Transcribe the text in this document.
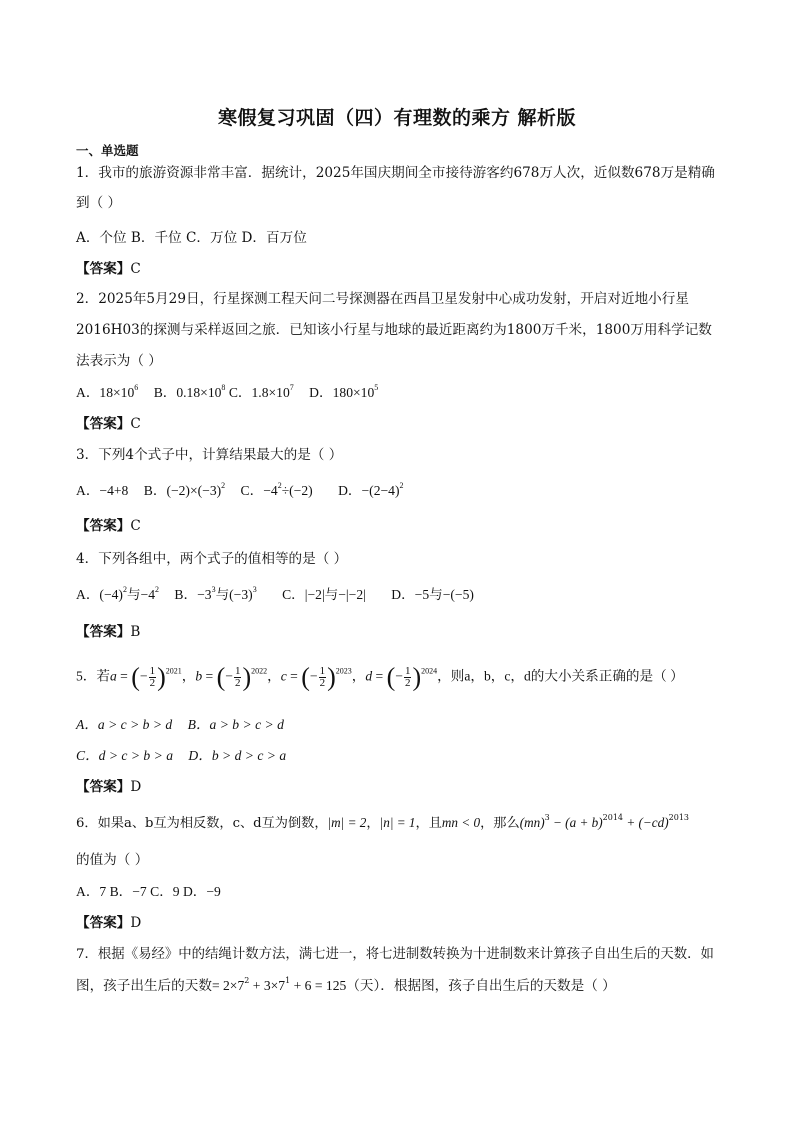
寒假复习巩固（四）有理数的乘方 解析版
一、单选题
1．我市的旅游资源非常丰富．据统计，2025年国庆期间全市接待游客约678万人次，近似数678万是精确
到（ ）
A．个位 B．千位 C．万位 D．百万位
【答案】C
2．2025年5月29日，行星探测工程天问二号探测器在西昌卫星发射中心成功发射，开启对近地小行星
2016H03的探测与采样返回之旅．已知该小行星与地球的最近距离约为1800万千米，1800万用科学记数
法表示为（ ）
A．$18\times 10^6$ B．$0.18\times 10^8$ C．$1.8\times 10^7$ D．$180\times 10^5$
【答案】C
3．下列4个式子中，计算结果最大的是（ ）
A．−4+8 B．$(-2)\times(-3)^2$ C．$-4^2\div(-2)$ D．$-(2-4)^2$
【答案】C
4．下列各组中，两个式子的值相等的是（ ）
A．$(-4)^2$与$-4^2$ B．$-3^3$与$(-3)^3$ C．|−2|与−|−2| D．−5与−(−5)
【答案】B
5．若a = (− $\frac{1}{2} )^{2021}$，b = (− $\frac{1}{2} )^{2022}$，c = (− $\frac{1}{2} )^{2023}$，d = (− $\frac{1}{2} )^{2024}$，则a，b，c，d的大小关系正确的是（ ）
A．a > c > b > d B．a > b > c > d
C．d > c > b > a D．b > d > c > a
【答案】D
6．如果a、b互为相反数，c、d互为倒数，|m| = 2，|n| = 1，且mn < 0，那么$(mn)^3 - (a + b)^{2014} + (-cd)^{2013}$
的值为（ ）
A．7 B．−7 C．9 D．−9
【答案】D
7．根据《易经》中的结绳计数方法，满七进一，将七进制数转换为十进制数来计算孩子自出生后的天数．如
图，孩子出生后的天数= $2\times 7^2 + 3\times 7^1 + 6 = 125$（天）．根据图，孩子自出生后的天数是（ ）
